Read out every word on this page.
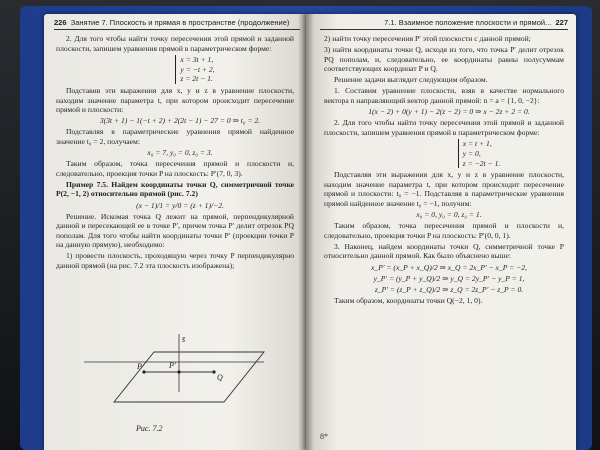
226 Занятие 7. Плоскость и прямая в пространстве (продолжение)

2. Для того чтобы найти точку пересечения этой прямой и заданной плоскости, запишем уравнения прямой в параметрическом форме:

x = 3t + 1,
y = −t + 2,
z = 2t − 1.

Подставив эти выражения для x, y и z в уравнение плоскости, находим значение параметра t, при котором происходит пересечение прямой и плоскости:

3(3t + 1) − 1(−t + 2) + 2(2t − 1) − 27 = 0 ⇒ t₀ = 2.

Подставляя в параметрические уравнения прямой найденное значение t₀ = 2, получаем:

x₀ = 7, y₀ = 0, z₀ = 3.

Таким образом, точка пересечения прямой и плоскости и, следовательно, проекция точки P на плоскость: P′(7, 0, 3).

Пример 7.5. Найдем координаты точки Q, симметричной точке P(2, −1, 2) относительно прямой (рис. 7.2)

(x − 1)/1 = y/0 = (z + 1)/−2.

Решение. Искомая точка Q лежит на прямой, перпендикулярной данной и пересекающей ее в точке P′, причем точка P′ делит отрезок PQ пополам. Для того чтобы найти координаты точки P′ (проекции точки P на данную прямую), необходимо:

1) провести плоскость, проходящую через точку P перпендикулярно данной прямой (на рис. 7.2 эта плоскость изображена);

P	P′
Q
s̄
Рис. 7.2
7.1. Взаимное положение плоскости и прямой... 227

2) найти точку пересечения P′ этой плоскости с данной прямой;

3) найти координаты точки Q, исходя из того, что точка P′ делит отрезок PQ пополам, и, следовательно, ее координаты равны полусуммам соответствующих координат P и Q.

Решение задачи выглядит следующим образом.

1. Составим уравнение плоскости, взяв в качестве нормального вектора n направляющий вектор данной прямой: n = a = {1, 0, −2}:

1(x − 2) + 0(y + 1) − 2(z − 2) = 0 ⇒ x − 2z + 2 = 0.

2. Для того чтобы найти точку пересечения этой прямой и заданной плоскости, запишем уравнения прямой в параметрическом форме:

x = t + 1,
y = 0,
z = −2t − 1.

Подставляя эти выражения для x, y и z в уравнение плоскости, находим значение параметра t, при котором происходит пересечение прямой и плоскости: t₀ = −1. Подставляя в параметрические уравнения прямой найденное значение t₀ = −1, получим:

x₀ = 0, y₀ = 0, z₀ = 1.

Таким образом, точка пересечения прямой и плоскости и, следовательно, проекция точки P на плоскость: P′(0, 0, 1).

3. Наконец, найдем координаты точки Q, симметричной точке P относительно данной прямой. Как было объяснено выше:

x_P′ = (x_P + x_Q)/2 ⇒ x_Q = 2x_P′ − x_P = −2,

y_P′ = (y_P + y_Q)/2 ⇒ y_Q = 2y_P′ − y_P = 1,

z_P′ = (z_P + z_Q)/2 ⇒ z_Q = 2z_P′ − z_P = 0.

Таким образом, координаты точки Q(−2, 1, 0).

8*
